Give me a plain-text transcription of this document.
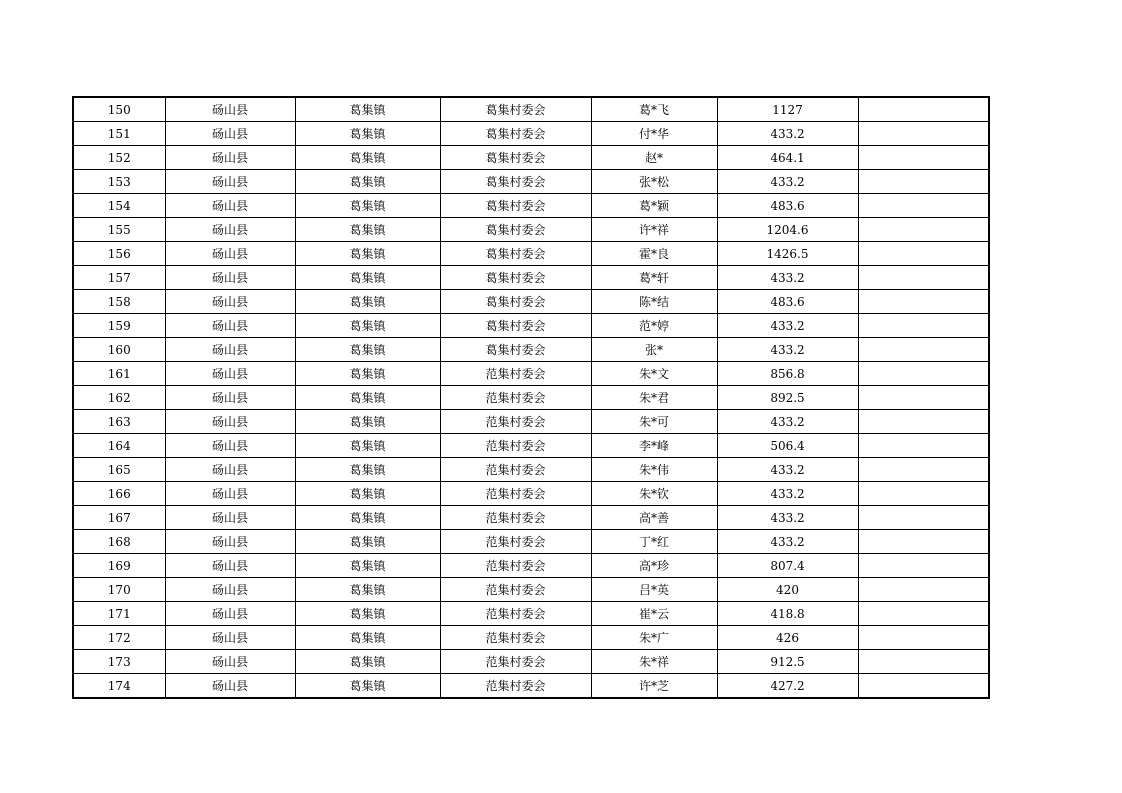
150	砀山县	葛集镇	葛集村委会	葛*飞	1127	
151	砀山县	葛集镇	葛集村委会	付*华	433.2	
152	砀山县	葛集镇	葛集村委会	赵*	464.1	
153	砀山县	葛集镇	葛集村委会	张*松	433.2	
154	砀山县	葛集镇	葛集村委会	葛*颖	483.6	
155	砀山县	葛集镇	葛集村委会	许*祥	1204.6	
156	砀山县	葛集镇	葛集村委会	霍*良	1426.5	
157	砀山县	葛集镇	葛集村委会	葛*轩	433.2	
158	砀山县	葛集镇	葛集村委会	陈*结	483.6	
159	砀山县	葛集镇	葛集村委会	范*婷	433.2	
160	砀山县	葛集镇	葛集村委会	张*	433.2	
161	砀山县	葛集镇	范集村委会	朱*文	856.8	
162	砀山县	葛集镇	范集村委会	朱*君	892.5	
163	砀山县	葛集镇	范集村委会	朱*可	433.2	
164	砀山县	葛集镇	范集村委会	李*峰	506.4	
165	砀山县	葛集镇	范集村委会	朱*伟	433.2	
166	砀山县	葛集镇	范集村委会	朱*钦	433.2	
167	砀山县	葛集镇	范集村委会	高*善	433.2	
168	砀山县	葛集镇	范集村委会	丁*红	433.2	
169	砀山县	葛集镇	范集村委会	高*珍	807.4	
170	砀山县	葛集镇	范集村委会	吕*英	420	
171	砀山县	葛集镇	范集村委会	崔*云	418.8	
172	砀山县	葛集镇	范集村委会	朱*广	426	
173	砀山县	葛集镇	范集村委会	朱*祥	912.5	
174	砀山县	葛集镇	范集村委会	许*芝	427.2	
